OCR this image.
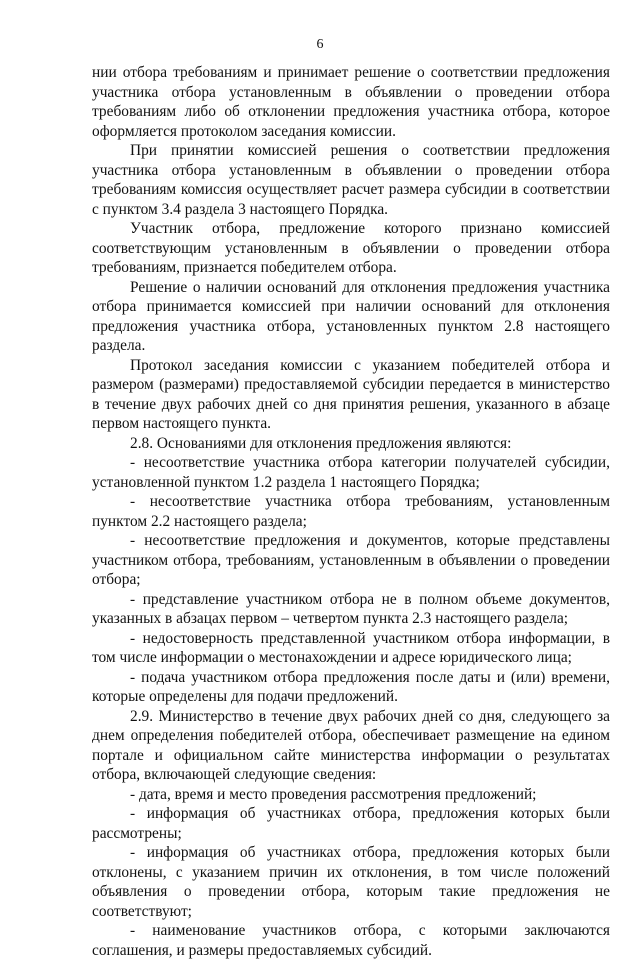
6

нии отбора требованиям и принимает решение о соответствии предложения участника отбора установленным в объявлении о проведении отбора требованиям либо об отклонении предложения участника отбора, которое оформляется протоколом заседания комиссии.

При принятии комиссией решения о соответствии предложения участника отбора установленным в объявлении о проведении отбора требованиям комиссия осуществляет расчет размера субсидии в соответствии с пунктом 3.4 раздела 3 настоящего Порядка.

Участник отбора, предложение которого признано комиссией соответствующим установленным в объявлении о проведении отбора требованиям, признается победителем отбора.

Решение о наличии оснований для отклонения предложения участника отбора принимается комиссией при наличии оснований для отклонения предложения участника отбора, установленных пунктом 2.8 настоящего раздела.

Протокол заседания комиссии с указанием победителей отбора и размером (размерами) предоставляемой субсидии передается в министерство в течение двух рабочих дней со дня принятия решения, указанного в абзаце первом настоящего пункта.

2.8. Основаниями для отклонения предложения являются:

- несоответствие участника отбора категории получателей субсидии, установленной пунктом 1.2 раздела 1 настоящего Порядка;

- несоответствие участника отбора требованиям, установленным пунктом 2.2 настоящего раздела;

- несоответствие предложения и документов, которые представлены участником отбора, требованиям, установленным в объявлении о проведении отбора;

- представление участником отбора не в полном объеме документов, указанных в абзацах первом – четвертом пункта 2.3 настоящего раздела;

- недостоверность представленной участником отбора информации, в том числе информации о местонахождении и адресе юридического лица;

- подача участником отбора предложения после даты и (или) времени, которые определены для подачи предложений.

2.9. Министерство в течение двух рабочих дней со дня, следующего за днем определения победителей отбора, обеспечивает размещение на едином портале и официальном сайте министерства информации о результатах отбора, включающей следующие сведения:

- дата, время и место проведения рассмотрения предложений;

- информация об участниках отбора, предложения которых были рассмотрены;

- информация об участниках отбора, предложения которых были отклонены, с указанием причин их отклонения, в том числе положений объявления о проведении отбора, которым такие предложения не соответствуют;

- наименование участников отбора, с которыми заключаются соглашения, и размеры предоставляемых субсидий.
